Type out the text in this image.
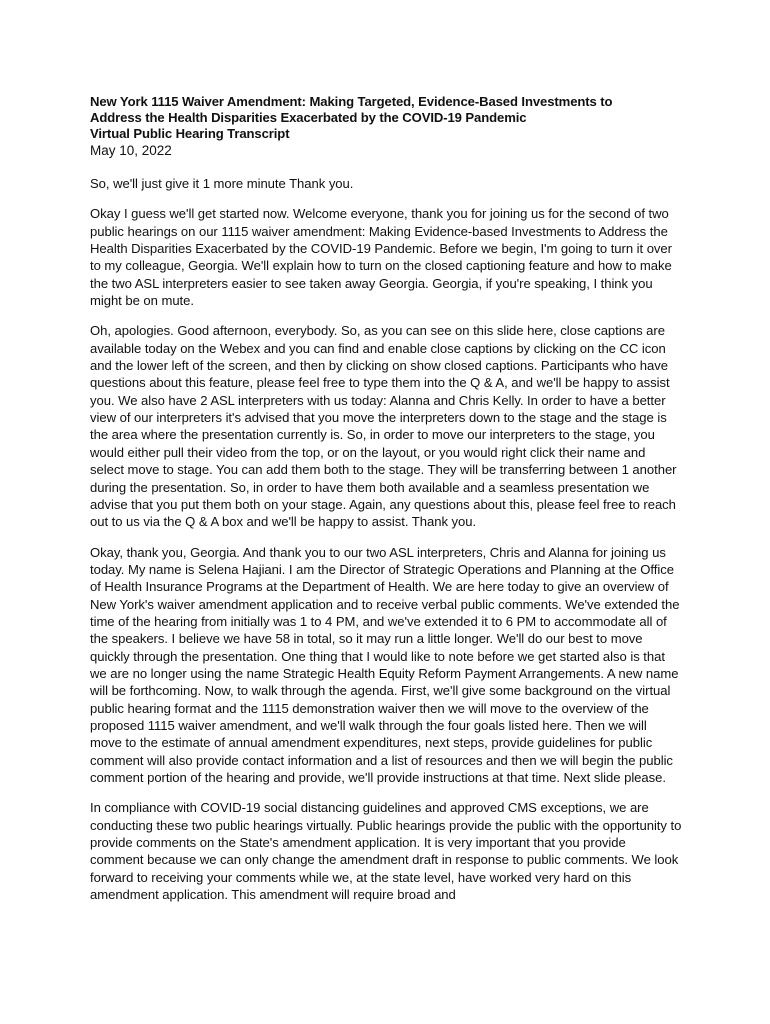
New York 1115 Waiver Amendment: Making Targeted, Evidence-Based Investments to
Address the Health Disparities Exacerbated by the COVID-19 Pandemic
Virtual Public Hearing Transcript
May 10, 2022

So, we'll just give it 1 more minute Thank you.

Okay I guess we'll get started now. Welcome everyone, thank you for joining us for the second of two public hearings on our 1115 waiver amendment: Making Evidence-based Investments to Address the Health Disparities Exacerbated by the COVID-19 Pandemic. Before we begin, I'm going to turn it over to my colleague, Georgia. We'll explain how to turn on the closed captioning feature and how to make the two ASL interpreters easier to see taken away Georgia. Georgia, if you're speaking, I think you might be on mute.

Oh, apologies. Good afternoon, everybody. So, as you can see on this slide here, close captions are available today on the Webex and you can find and enable close captions by clicking on the CC icon and the lower left of the screen, and then by clicking on show closed captions. Participants who have questions about this feature, please feel free to type them into the Q & A, and we'll be happy to assist you. We also have 2 ASL interpreters with us today: Alanna and Chris Kelly. In order to have a better view of our interpreters it's advised that you move the interpreters down to the stage and the stage is the area where the presentation currently is. So, in order to move our interpreters to the stage, you would either pull their video from the top, or on the layout, or you would right click their name and select move to stage. You can add them both to the stage. They will be transferring between 1 another during the presentation. So, in order to have them both available and a seamless presentation we advise that you put them both on your stage. Again, any questions about this, please feel free to reach out to us via the Q & A box and we'll be happy to assist. Thank you.

Okay, thank you, Georgia. And thank you to our two ASL interpreters, Chris and Alanna for joining us today. My name is Selena Hajiani. I am the Director of Strategic Operations and Planning at the Office of Health Insurance Programs at the Department of Health. We are here today to give an overview of New York's waiver amendment application and to receive verbal public comments. We've extended the time of the hearing from initially was 1 to 4 PM, and we've extended it to 6 PM to accommodate all of the speakers. I believe we have 58 in total, so it may run a little longer. We'll do our best to move quickly through the presentation. One thing that I would like to note before we get started also is that we are no longer using the name Strategic Health Equity Reform Payment Arrangements. A new name will be forthcoming. Now, to walk through the agenda. First, we'll give some background on the virtual public hearing format and the 1115 demonstration waiver then we will move to the overview of the proposed 1115 waiver amendment, and we'll walk through the four goals listed here. Then we will move to the estimate of annual amendment expenditures, next steps, provide guidelines for public comment will also provide contact information and a list of resources and then we will begin the public comment portion of the hearing and provide, we'll provide instructions at that time. Next slide please.

In compliance with COVID-19 social distancing guidelines and approved CMS exceptions, we are conducting these two public hearings virtually. Public hearings provide the public with the opportunity to provide comments on the State's amendment application. It is very important that you provide comment because we can only change the amendment draft in response to public comments. We look forward to receiving your comments while we, at the state level, have worked very hard on this amendment application. This amendment will require broad and
